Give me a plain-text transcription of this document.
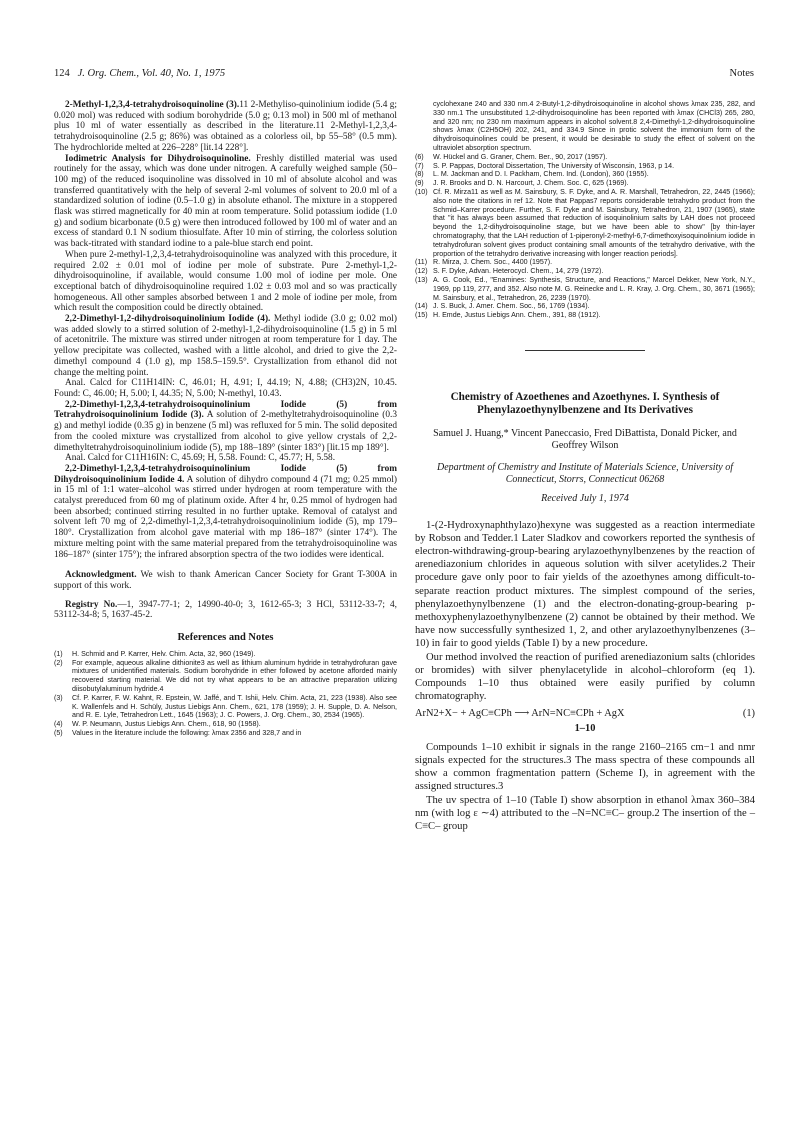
124 J. Org. Chem., Vol. 40, No. 1, 1975	Notes

2-Methyl-1,2,3,4-tetrahydroisoquinoline (3).11 2-Methyliso-quinolinium iodide (5.4 g; 0.020 mol) was reduced with sodium borohydride (5.0 g; 0.13 mol) in 500 ml of methanol plus 10 ml of water essentially as described in the literature.11 2-Methyl-1,2,3,4-tetrahydroisoquinoline (2.5 g; 86%) was obtained as a colorless oil, bp 55–58° (0.5 mm). The hydrochloride melted at 226–228° [lit.14 228°].

Iodimetric Analysis for Dihydroisoquinoline. Freshly distilled material was used routinely for the assay, which was done under nitrogen. A carefully weighed sample (50–100 mg) of the reduced isoquinoline was dissolved in 10 ml of absolute alcohol and was transferred quantitatively with the help of several 2-ml volumes of solvent to 20.0 ml of a standardized solution of iodine (0.5–1.0 g) in absolute ethanol. The mixture in a stoppered flask was stirred magnetically for 40 min at room temperature. Solid potassium iodide (1.0 g) and sodium bicarbonate (0.5 g) were then introduced followed by 100 ml of water and an excess of standard 0.1 N sodium thiosulfate. After 10 min of stirring, the colorless solution was back-titrated with standard iodine to a pale-blue starch end point.

When pure 2-methyl-1,2,3,4-tetrahydroisoquinoline was analyzed with this procedure, it required 2.02 ± 0.01 mol of iodine per mole of substrate. Pure 2-methyl-1,2-dihydroisoquinoline, if available, would consume 1.00 mol of iodine per mole. One exceptional batch of dihydroisoquinoline required 1.02 ± 0.03 mol and so was practically homogeneous. All other samples absorbed between 1 and 2 mole of iodine per mole, from which result the composition could be directly obtained.

2,2-Dimethyl-1,2-dihydroisoquinolinium Iodide (4). Methyl iodide (3.0 g; 0.02 mol) was added slowly to a stirred solution of 2-methyl-1,2-dihydroisoquinoline (1.5 g) in 5 ml of acetonitrile. The mixture was stirred under nitrogen at room temperature for 1 day. The yellow precipitate was collected, washed with a little alcohol, and dried to give the 2,2-dimethyl compound 4 (1.0 g), mp 158.5–159.5°. Crystallization from ethanol did not change the melting point.

Anal. Calcd for C11H14IN: C, 46.01; H, 4.91; I, 44.19; N, 4.88; (CH3)2N, 10.45. Found: C, 46.00; H, 5.00; I, 44.35; N, 5.00; N-methyl, 10.43.

2,2-Dimethyl-1,2,3,4-tetrahydroisoquinolinium Iodide (5) from Tetrahydroisoquinolinium Iodide (3). A solution of 2-methyltetrahydroisoquinoline (0.3 g) and methyl iodide (0.35 g) in benzene (5 ml) was refluxed for 5 min. The solid deposited from the cooled mixture was crystallized from alcohol to give yellow crystals of 2,2-dimethyltetrahydroisoquinolinium iodide (5), mp 188–189° (sinter 183°) [lit.15 mp 189°].

Anal. Calcd for C11H16IN: C, 45.69; H, 5.58. Found: C, 45.77; H, 5.58.

2,2-Dimethyl-1,2,3,4-tetrahydroisoquinolinium Iodide (5) from Dihydroisoquinolinium Iodide 4. A solution of dihydro compound 4 (71 mg; 0.25 mmol) in 15 ml of 1:1 water–alcohol was stirred under hydrogen at room temperature with the catalyst prereduced from 60 mg of platinum oxide. After 4 hr, 0.25 mmol of hydrogen had been absorbed; continued stirring resulted in no further uptake. Removal of catalyst and solvent left 70 mg of 2,2-dimethyl-1,2,3,4-tetrahydroisoquinolinium iodide (5), mp 179–180°. Crystallization from alcohol gave material with mp 186–187° (sinter 174°). The mixture melting point with the same material prepared from the tetrahydroisoquinoline was 186–187° (sinter 175°); the infrared absorption spectra of the two iodides were identical.

Acknowledgment. We wish to thank American Cancer Society for Grant T-300A in support of this work.

Registry No.—1, 3947-77-1; 2, 14990-40-0; 3, 1612-65-3; 3 HCl, 53112-33-7; 4, 53112-34-8; 5, 1637-45-2.

References and Notes
(1)	H. Schmid and P. Karrer, Helv. Chim. Acta, 32, 960 (1949).
(2)	For example, aqueous alkaline dithionite3 as well as lithium aluminum hydride in tetrahydrofuran gave mixtures of unidentified materials. Sodium borohydride in ether followed by acetone afforded mainly recovered starting material. We did not try what appears to be an attractive preparation utilizing diisobutylaluminum hydride.4
(3)	Cf. P. Karrer, F. W. Kahnt, R. Epstein, W. Jaffé, and T. Ishii, Helv. Chim. Acta, 21, 223 (1938). Also see K. Wallenfels and H. Schüly, Justus Liebigs Ann. Chem., 621, 178 (1959); J. H. Supple, D. A. Nelson, and R. E. Lyle, Tetrahedron Lett., 1645 (1963); J. C. Powers, J. Org. Chem., 30, 2534 (1965).
(4)	W. P. Neumann, Justus Liebigs Ann. Chem., 618, 90 (1958).
(5)	Values in the literature include the following: λmax 2356 and 328,7 and in
cyclohexane 240 and 330 nm.4 2-Butyl-1,2-dihydroisoquinoline in alcohol shows λmax 235, 282, and 330 nm.1 The unsubstituted 1,2-dihydroisoquinoline has been reported with λmax (CHCl3) 265, 280, and 320 nm; no 230 nm maximum appears in alcohol solvent.8 2,4-Dimethyl-1,2-dihydroisoquinoline shows λmax (C2H5OH) 202, 241, and 334.9 Since in protic solvent the immonium form of the dihydroisoquinolines could be present, it would be desirable to study the effect of solvent on the ultraviolet absorption spectrum.
(6)	W. Hückel and G. Graner, Chem. Ber., 90, 2017 (1957).
(7)	S. P. Pappas, Doctoral Dissertation, The University of Wisconsin, 1963, p 14.
(8)	L. M. Jackman and D. I. Packham, Chem. Ind. (London), 360 (1955).
(9)	J. R. Brooks and D. N. Harcourt, J. Chem. Soc. C, 625 (1969).
(10) Cf. R. Mirza11 as well as M. Sainsbury, S. F. Dyke, and A. R. Marshall, Tetrahedron, 22, 2445 (1966); also note the citations in ref 12. Note that Pappas7 reports considerable tetrahydro product from the Schmid–Karrer procedure. Further, S. F. Dyke and M. Sainsbury, Tetrahedron, 21, 1907 (1965), state that "it has always been assumed that reduction of isoquinolinium salts by LAH does not proceed beyond the 1,2-dihydroisoquinoline stage, but we have been able to show" [by thin-layer chromatography, that the LAH reduction of 1-piperonyl-2-methyl-6,7-dimethoxyisoquinolinium iodide in tetrahydrofuran solvent gives product containing small amounts of the tetrahydro derivative, with the proportion of the tetrahydro derivative increasing with longer reaction periods].
(11) R. Mirza, J. Chem. Soc., 4400 (1957).
(12) S. F. Dyke, Advan. Heterocycl. Chem., 14, 279 (1972).
(13) A. G. Cook, Ed., "Enamines: Synthesis, Structure, and Reactions," Marcel Dekker, New York, N.Y., 1969, pp 119, 277, and 352. Also note M. G. Reinecke and L. R. Kray, J. Org. Chem., 30, 3671 (1965); M. Sainsbury, et al., Tetrahedron, 26, 2239 (1970).
(14) J. S. Buck, J. Amer. Chem. Soc., 56, 1769 (1934).
(15) H. Emde, Justus Liebigs Ann. Chem., 391, 88 (1912).
Chemistry of Azoethenes and Azoethynes. I. Synthesis of Phenylazoethynylbenzene and Its Derivatives
Samuel J. Huang,* Vincent Paneccasio, Fred DiBattista, Donald Picker, and Geoffrey Wilson
Department of Chemistry and Institute of Materials Science, University of Connecticut, Storrs, Connecticut 06268
Received July 1, 1974

1-(2-Hydroxynaphthylazo)hexyne was suggested as a reaction intermediate by Robson and Tedder.1 Later Sladkov and coworkers reported the synthesis of electron-withdrawing-group-bearing arylazoethynylbenzenes by the reaction of arenediazonium chlorides in aqueous solution with silver acetylides.2 Their procedure gave only poor to fair yields of the azoethynes among difficult-to-separate reaction product mixtures. The simplest compound of the series, phenylazoethynylbenzene (1) and the electron-donating-group-bearing p-methoxyphenylazoethynylbenzene (2) cannot be obtained by their method. We have now successfully synthesized 1, 2, and other arylazoethynylbenzenes (3–10) in fair to good yields (Table I) by a new procedure.

Our method involved the reaction of purified arenediazonium salts (chlorides or bromides) with silver phenylacetylide in alcohol–chloroform (eq 1). Compounds 1–10 thus obtained were easily purified by column chromatography.

ArN2+X− + AgC≡CPh ⟶ ArN=NC≡CPh + AgX	(1)
1–10

Compounds 1–10 exhibit ir signals in the range 2160–2165 cm−1 and nmr signals expected for the structures.3 The mass spectra of these compounds all show a common fragmentation pattern (Scheme I), in agreement with the assigned structures.3

The uv spectra of 1–10 (Table I) show absorption in ethanol λmax 360–384 nm (with log ε ∼4) attributed to the –N=NC≡C– group.2 The insertion of the –C≡C– group
